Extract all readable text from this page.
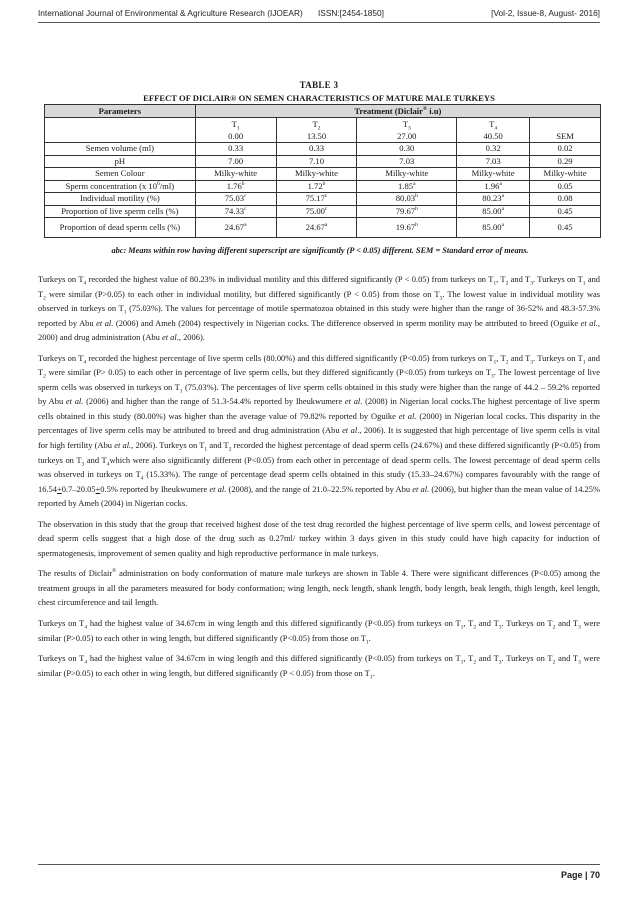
International Journal of Environmental & Agriculture Research (IJOEAR) ISSN:[2454-1850]	[Vol-2, Issue-8, August- 2016]
TABLE 3
EFFECT OF DICLAIR® ON SEMEN CHARACTERISTICS OF MATURE MALE TURKEYS
Parameters	Treatment (Diclair® i.u)				
	$T_1$	$T_2$	$T_3$	$T_4$	
	0.00	13.50	27.00	40.50	SEM
Semen volume (ml)	0.33	0.33	0.30	0.32	0.02
pH	7.00	7.10	7.03	7.03	0.29
Semen Colour	Milky-white	Milky-white	Milky-white	Milky-white	Milky-white
Sperm concentration (x $10^6/ml$)	1.76$^b$	1.72$^b$	1.85$^a$	1.96$^a$	0.05
Individual motility (%)	75.03$^c$	75.17$^c$	80.03$^b$	80.23$^a$	0.08
Proportion of live sperm cells (%)	74.33$^c$	75.00$^c$	79.67$^b$	85.00$^a$	0.45
Proportion of dead sperm cells (%)	24.67$^a$	24.67$^a$	19.67$^b$	85.00$^a$	0.45
abc: Means within row having different superscript are significantly (P < 0.05) different. SEM = Standard error of means.

Turkeys on $T_4$ recorded the highest value of 80.23% in individual motility and this differed significantly (P < 0.05) from turkeys on $T_1$, $T_2$ and $T_3$. Turkeys on $T_1$ and $T_2$ were similar (P>0.05) to each other in individual motility, but differed significantly (P < 0.05) from those on $T_3$. The lowest value in individual motility was observed in turkeys on $T_1$ (75.03%). The values for percentage of motile spermatozoa obtained in this study were higher than the range of 36-52% and 48.3-57.3% reported by Abu et al. (2006) and Ameh (2004) respectively in Nigerian cocks. The difference observed in sperm motility may be attributed to breed (Oguike et al., 2000) and drug administration (Abu et al., 2006).

Turkeys on $T_4$ recorded the highest percentage of live sperm cells (80.00%) and this differed significantly (P<0.05) from turkeys on $T_1$, $T_2$ and $T_3$. Turkeys on $T_1$ and $T_2$ were similar (P> 0.05) to each other in percentage of live sperm cells, but they differed significantly (P<0.05) from turkeys on $T_3$. The lowest percentage of live sperm cells was observed in turkeys on $T_1$ (75.03%). The percentages of live sperm cells obtained in this study were higher than the range of 44.2 – 59.2% reported by Abu et al. (2006) and higher than the range of 51.3-54.4% reported by Iheukwumere et al. (2008) in Nigerian local cocks.The highest percentage of live sperm cells obtained in this study (80.00%) was higher than the average value of 79.82% reported by Oguike et al. (2000) in Nigerian local cocks. This disparity in the percentages of live sperm cells may be attributed to breed and drug administration (Abu et al., 2006). It is suggested that high percentage of live sperm cells is vital for high fertility (Abu et al., 2006). Turkeys on $T_1$ and $T_2$ recorded the highest percentage of dead sperm cells (24.67%) and these differed significantly (P<0.05) from turkeys on $T_3$ and $T_4which$ were also significantly different (P<0.05) from each other in percentage of dead sperm cells. The lowest percentage of dead sperm cells was observed in turkeys on $T_4$ (15.33%). The range of percentage dead sperm cells obtained in this study (15.33–24.67%) compares favourably with the range of 16.54+0.7–20.05+0.5% reported by Iheukwumere et al. (2008), and the range of 21.0–22.5% reported by Abu et al. (2006), but higher than the mean value of 14.25% reported by Ameh (2004) in Nigerian cocks.

The observation in this study that the group that received highest dose of the test drug recorded the highest percentage of live sperm cells, and lowest percentage of dead sperm cells suggest that a high dose of the drug such as 0.27ml/ turkey within 3 days given in this study could have high capacity for induction of spermatogenesis, improvement of semen quality and high reproductive performance in male turkeys.

The results of Diclair® administration on body conformation of mature male turkeys are shown in Table 4. There were significant differences (P<0.05) among the treatment groups in all the parameters measured for body conformation; wing length, neck length, shank length, body length, beak length, thigh length, keel length, chest circumference and tail length.

Turkeys on $T_4$ had the highest value of 34.67cm in wing length and this differed significantly (P<0.05) from turkeys on $T_1$, $T_2$ and $T_3$. Turkeys on $T_2$ and $T_3$ were similar (P>0.05) to each other in wing length, but differed significantly (P<0.05) from those on $T_1$.

Turkeys on $T_4$ had the highest value of 34.67cm in wing length and this differed significantly (P<0.05) from turkeys on $T_1$, $T_2$ and $T_3$. Turkeys on $T_2$ and $T_3$ were similar (P>0.05) to each other in wing length, but differed significantly (P < 0.05) from those on $T_1$.

Page | 70
